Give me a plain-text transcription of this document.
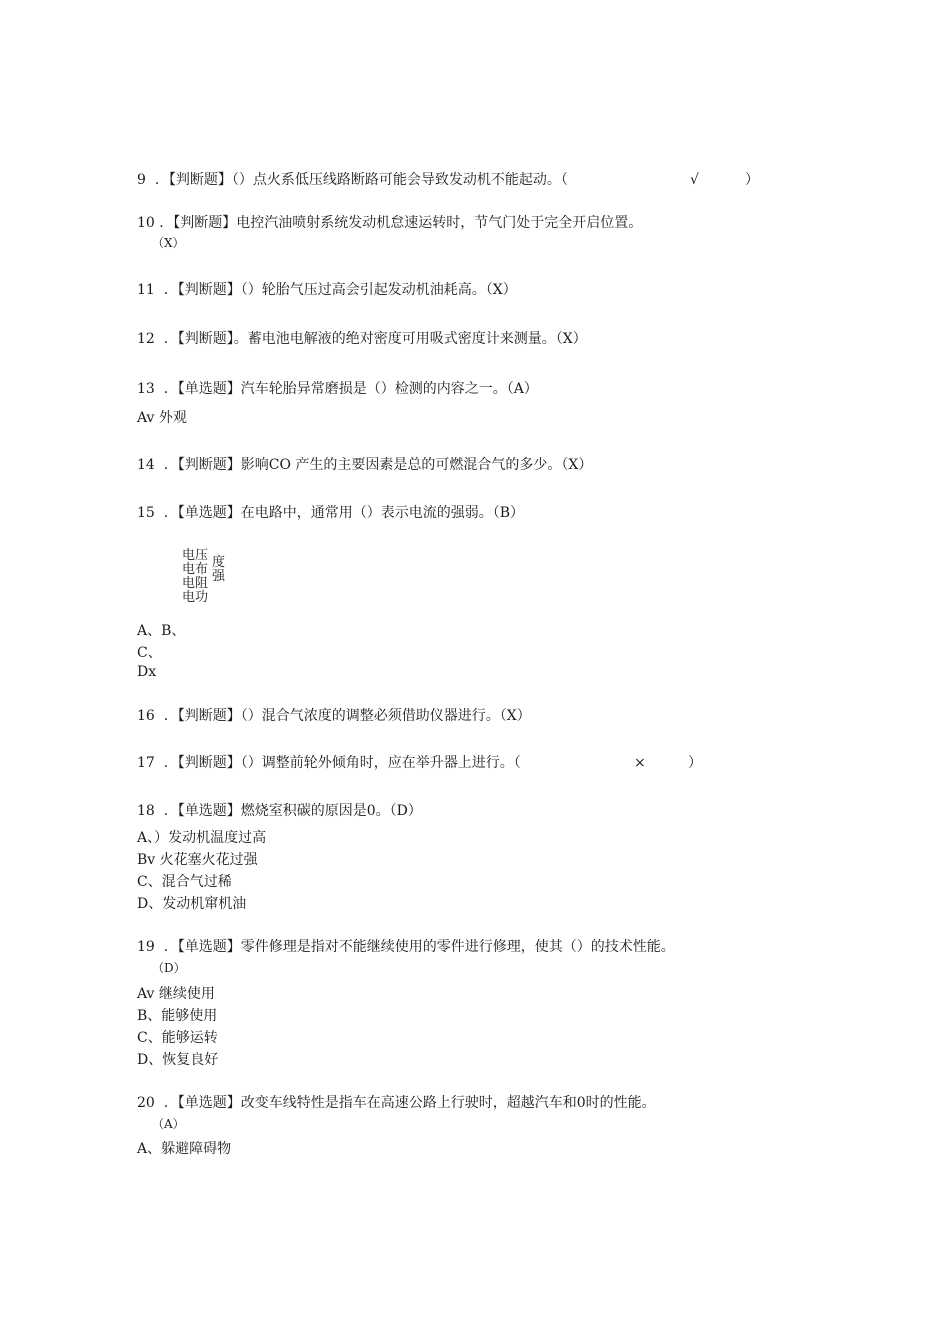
9 ．【判断题】（）点火系低压线路断路可能会导致发动机不能起动。（	√	）
10 ．【判断题】电控汽油喷射系统发动机怠速运转时，节气门处于完全开启位置。
（X）
11 ．【判断题】（）轮胎气压过高会引起发动机油耗高。（X）
12 ．【判断题】。蓄电池电解液的绝对密度可用吸式密度计来测量。（X）
13 ．【单选题】汽车轮胎异常磨损是（）检测的内容之一。（A）
Av 外观
14 ．【判断题】影响CO 产生的主要因素是总的可燃混合气的多少。（X）
15 ．【单选题】在电路中，通常用（）表示电流的强弱。（B）
电压
电布
电阻
电功
度
强
A、B、
C、
Dx
16 ．【判断题】（）混合气浓度的调整必须借助仪器进行。（X）
17 ．【判断题】（）调整前轮外倾角时，应在举升器上进行。（	×	）
18 ．【单选题】燃烧室积碳的原因是0。（D）
A、）发动机温度过高
Bv 火花塞火花过强
C、混合气过稀
D、发动机窜机油
19 ．【单选题】零件修理是指对不能继续使用的零件进行修理，使其（）的技术性能。
（D）
Av 继续使用
B、能够使用
C、能够运转
D、恢复良好
20 ．【单选题】改变车线特性是指车在高速公路上行驶时，超越汽车和0时的性能。
（A）
A、躲避障碍物
